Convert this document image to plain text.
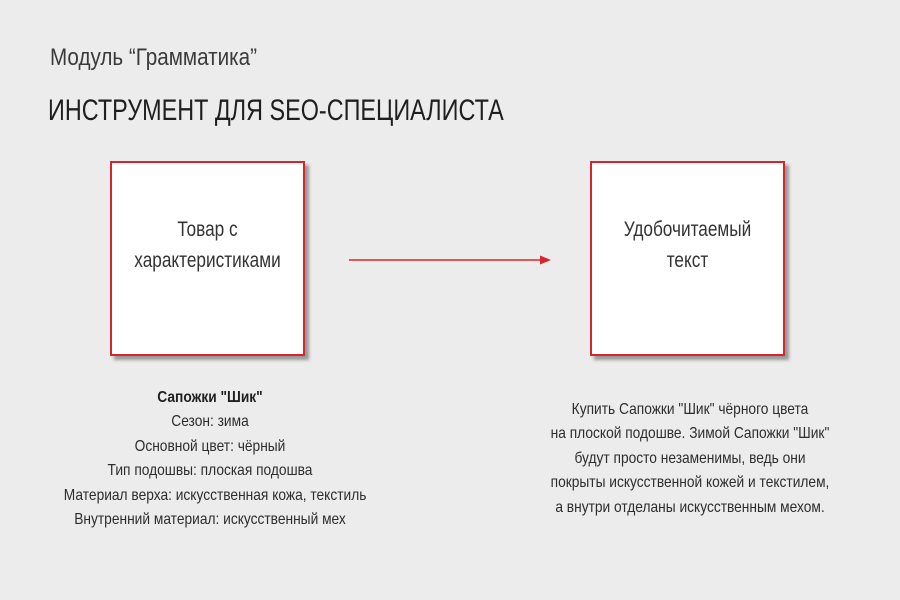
Модуль “Грамматика”
ИНСТРУМЕНТ ДЛЯ SEO-СПЕЦИАЛИСТА
Товар с
характеристиками
Удобочитаемый
текст
Сапожки "Шик"
Сезон: зима
Основной цвет: чёрный
Тип подошвы: плоская подошва
Материал верха: искусственная кожа, текстиль
Внутренний материал: искусственный мех
Купить Сапожки "Шик" чёрного цвета
на плоской подошве. Зимой Сапожки "Шик"
будут просто незаменимы, ведь они
покрыты искусственной кожей и текстилем,
а внутри отделаны искусственным мехом.
